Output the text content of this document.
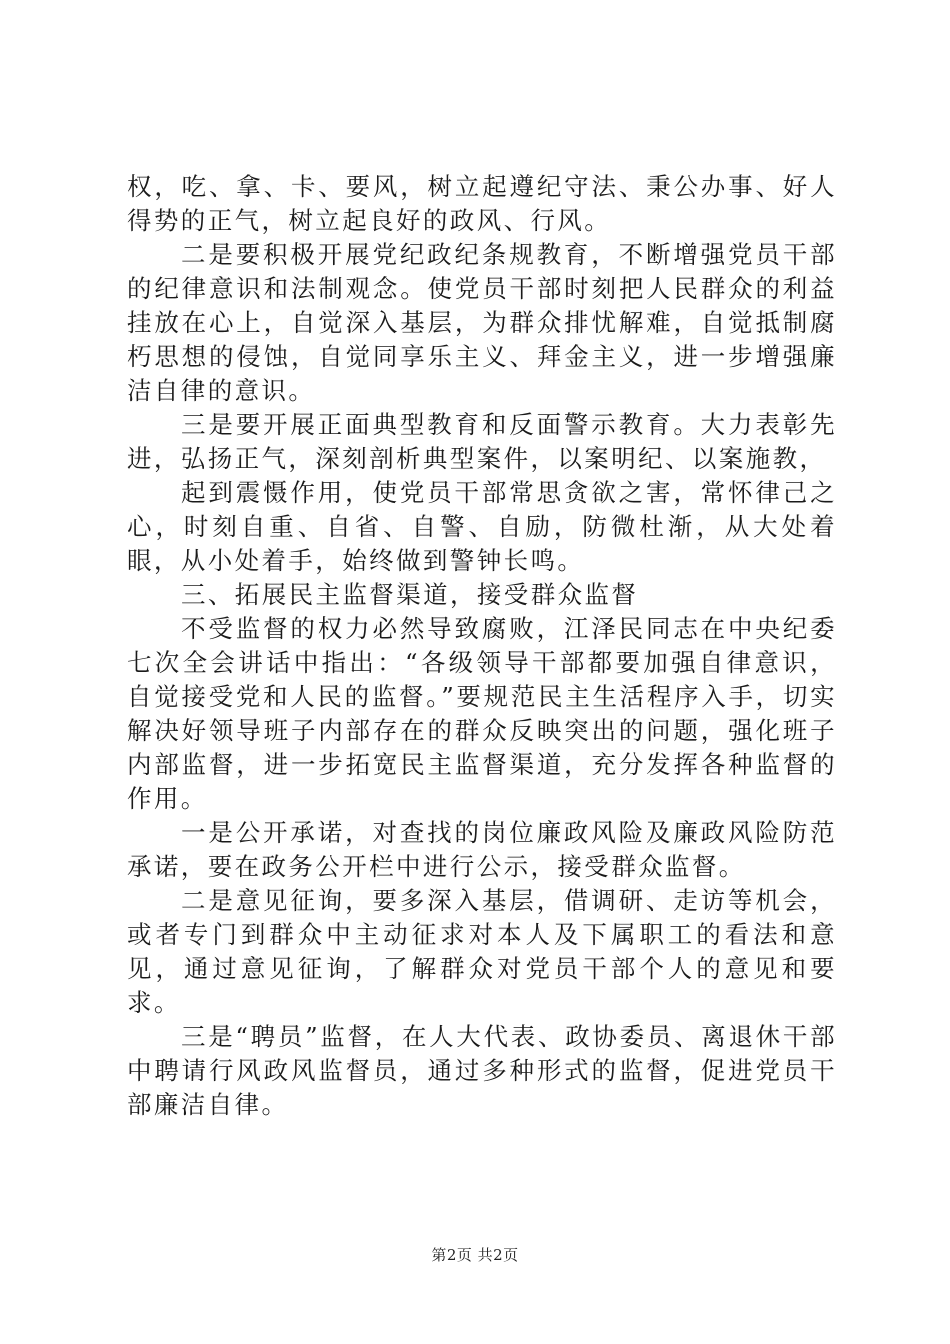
权，吃、拿、卡、要风，树立起遵纪守法、秉公办事、好人得势的正气，树立起良好的政风、行风。

二是要积极开展党纪政纪条规教育，不断增强党员干部的纪律意识和法制观念。使党员干部时刻把人民群众的利益挂放在心上，自觉深入基层，为群众排忧解难，自觉抵制腐朽思想的侵蚀，自觉同享乐主义、拜金主义，进一步增强廉洁自律的意识。

三是要开展正面典型教育和反面警示教育。大力表彰先进，弘扬正气，深刻剖析典型案件，以案明纪、以案施教，

起到震慑作用，使党员干部常思贪欲之害，常怀律己之心，时刻自重、自省、自警、自励，防微杜渐，从大处着眼，从小处着手，始终做到警钟长鸣。

三、拓展民主监督渠道，接受群众监督

不受监督的权力必然导致腐败，江泽民同志在中央纪委七次全会讲话中指出：“各级领导干部都要加强自律意识，自觉接受党和人民的监督。”要规范民主生活程序入手，切实解决好领导班子内部存在的群众反映突出的问题，强化班子内部监督，进一步拓宽民主监督渠道，充分发挥各种监督的作用。

一是公开承诺，对查找的岗位廉政风险及廉政风险防范承诺，要在政务公开栏中进行公示，接受群众监督。

二是意见征询，要多深入基层，借调研、走访等机会，或者专门到群众中主动征求对本人及下属职工的看法和意见，通过意见征询，了解群众对党员干部个人的意见和要求。

三是“聘员”监督，在人大代表、政协委员、离退休干部中聘请行风政风监督员，通过多种形式的监督，促进党员干部廉洁自律。

第2页 共2页
